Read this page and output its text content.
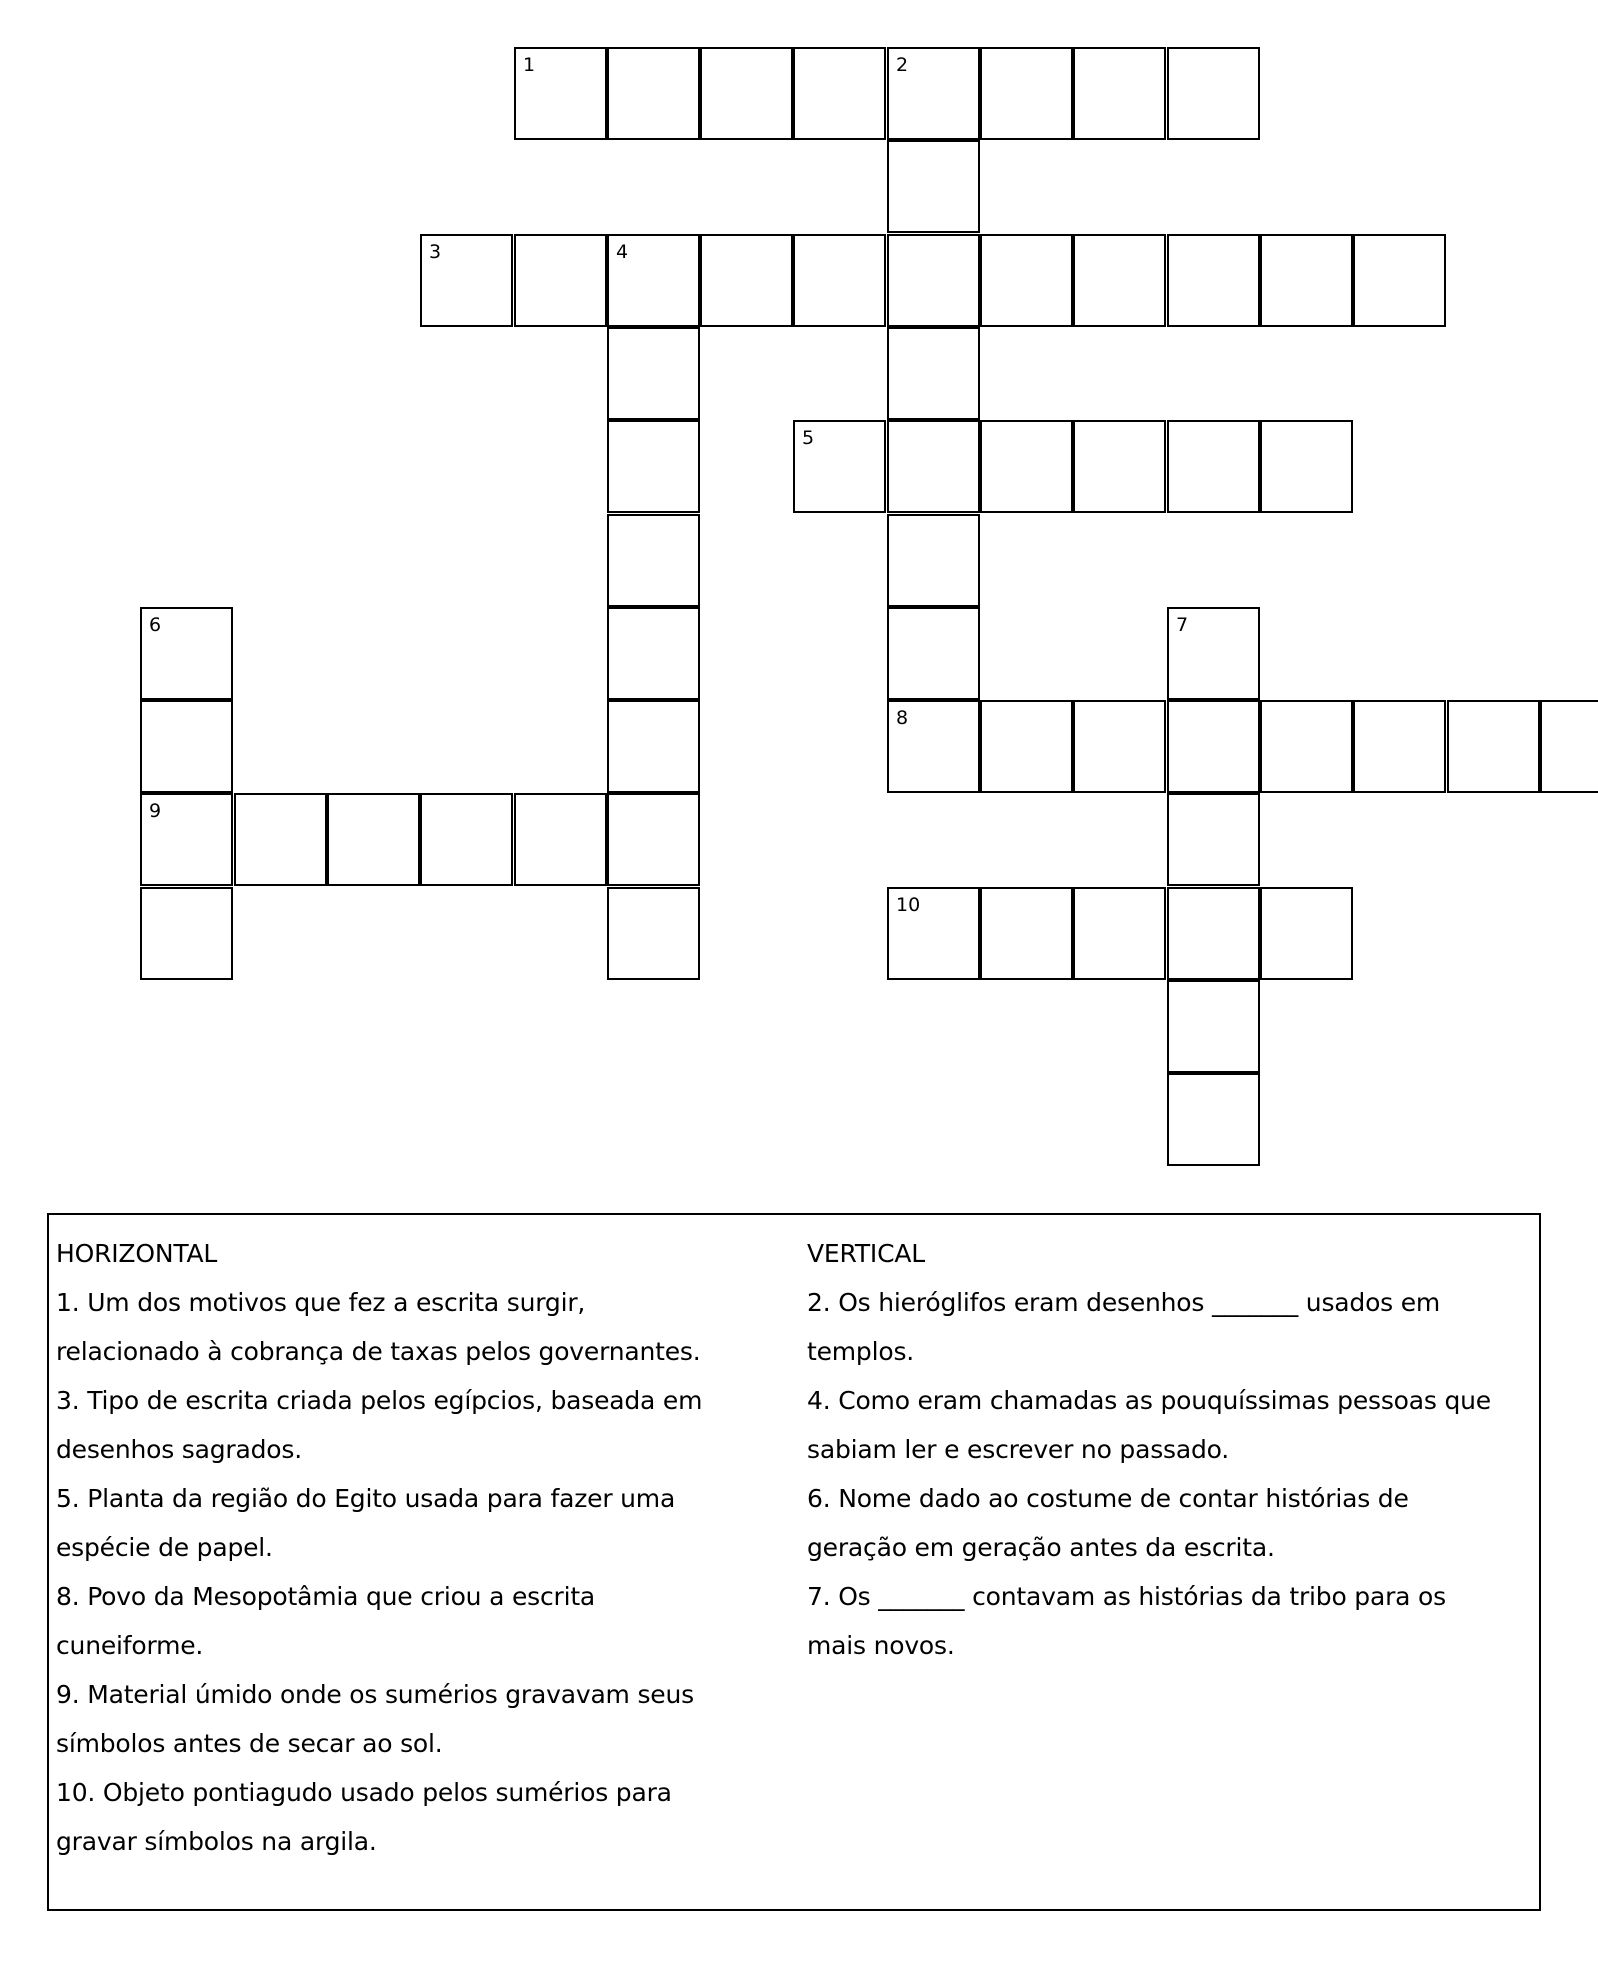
1	2
3	4
5
6	7
8
9
10

HORIZONTAL

1. Um dos motivos que fez a escrita surgir,

relacionado à cobrança de taxas pelos governantes.

3. Tipo de escrita criada pelos egípcios, baseada em

desenhos sagrados.

5. Planta da região do Egito usada para fazer uma

espécie de papel.

8. Povo da Mesopotâmia que criou a escrita

cuneiforme.

9. Material úmido onde os sumérios gravavam seus

símbolos antes de secar ao sol.

10. Objeto pontiagudo usado pelos sumérios para

gravar símbolos na argila.

VERTICAL

2. Os hieróglifos eram desenhos _______ usados em

templos.

4. Como eram chamadas as pouquíssimas pessoas que

sabiam ler e escrever no passado.

6. Nome dado ao costume de contar histórias de

geração em geração antes da escrita.

7. Os _______ contavam as histórias da tribo para os

mais novos.
